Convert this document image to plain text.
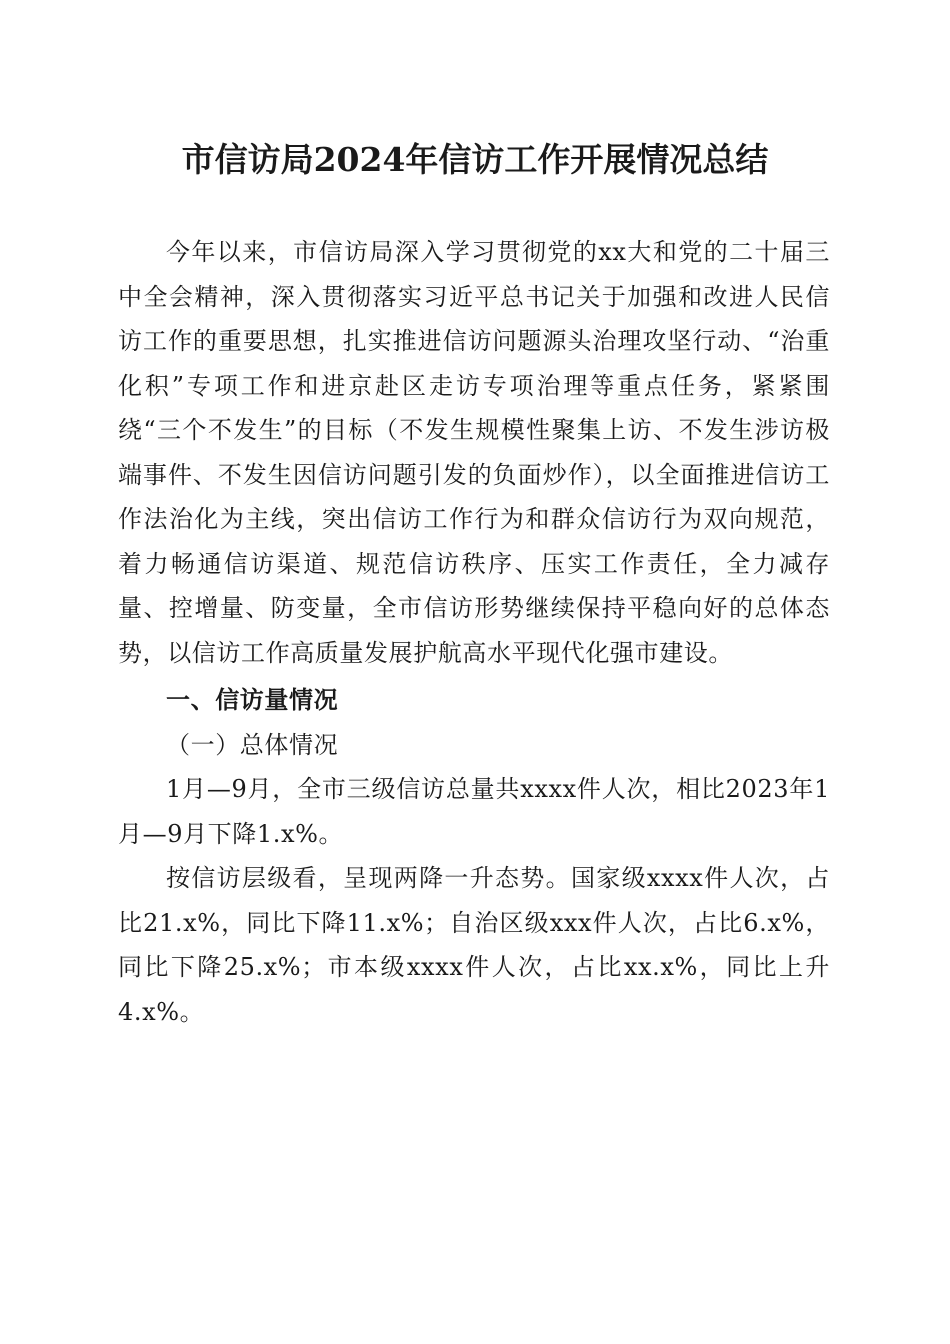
市信访局2024年信访工作开展情况总结

今年以来，市信访局深入学习贯彻党的xx大和党的二十届三中全会精神，深入贯彻落实习近平总书记关于加强和改进人民信访工作的重要思想，扎实推进信访问题源头治理攻坚行动、“治重化积”专项工作和进京赴区走访专项治理等重点任务，紧紧围绕“三个不发生”的目标（不发生规模性聚集上访、不发生涉访极端事件、不发生因信访问题引发的负面炒作），以全面推进信访工作法治化为主线，突出信访工作行为和群众信访行为双向规范，着力畅通信访渠道、规范信访秩序、压实工作责任，全力减存量、控增量、防变量，全市信访形势继续保持平稳向好的总体态势，以信访工作高质量发展护航高水平现代化强市建设。

一、信访量情况

（一）总体情况

1月—9月，全市三级信访总量共xxxx件人次，相比2023年1月—9月下降1.x%。

按信访层级看，呈现两降一升态势。国家级xxxx件人次，占比21.x%，同比下降11.x%；自治区级xxx件人次，占比6.x%，同比下降25.x%；市本级xxxx件人次，占比xx.x%，同比上升4.x%。
